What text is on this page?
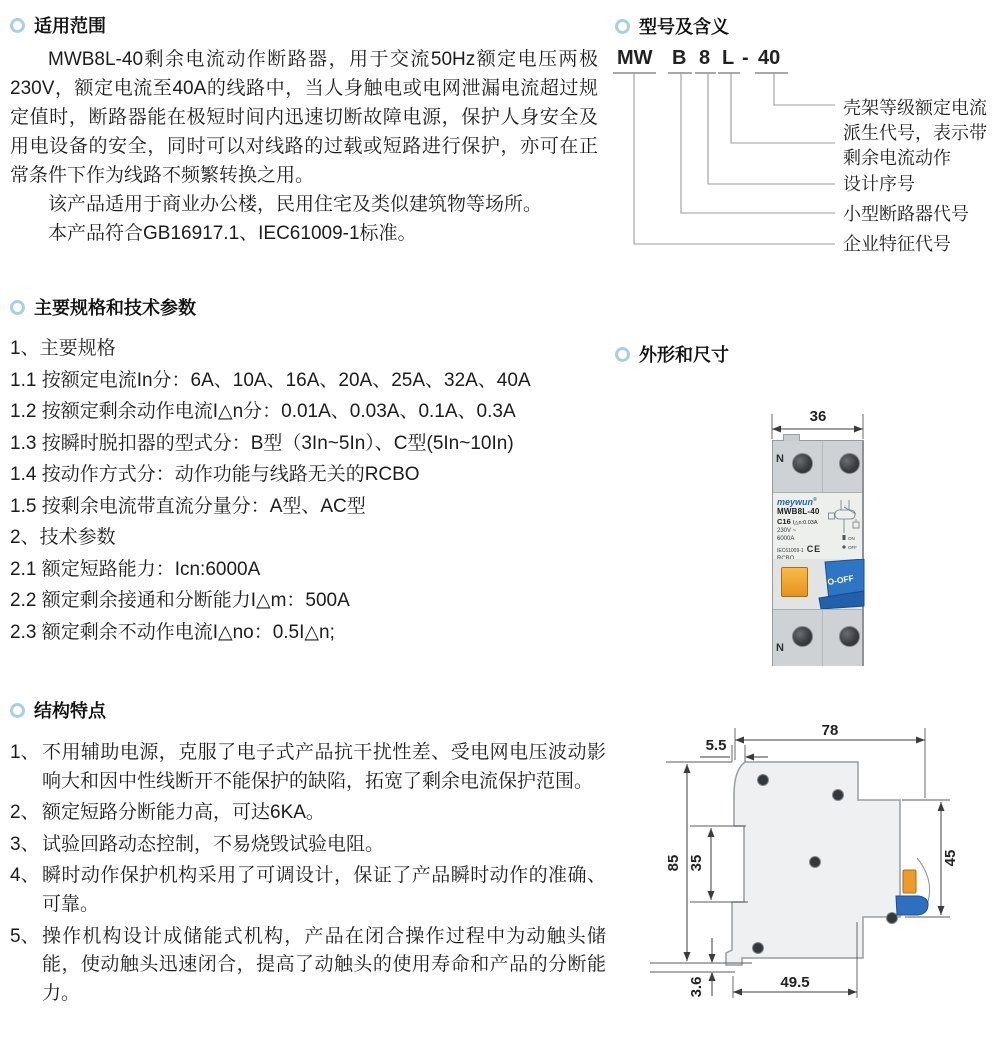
适用范围

MWB8L-40剩余电流动作断路器，用于交流50Hz额定电压两极230V，额定电流至40A的线路中，当人身触电或电网泄漏电流超过规定值时，断路器能在极短时间内迅速切断故障电源，保护人身安全及用电设备的安全，同时可以对线路的过载或短路进行保护，亦可在正常条件下作为线路不频繁转换之用。

该产品适用于商业办公楼，民用住宅及类似建筑物等场所。

本产品符合GB16917.1、IEC61009-1标准。

主要规格和技术参数
1、主要规格
1.1 按额定电流In分：6A、10A、16A、20A、25A、32A、40A
1.2 按额定剩余动作电流I△n分：0.01A、0.03A、0.1A、0.3A
1.3 按瞬时脱扣器的型式分：B型（3In~5In）、C型(5In~10In)
1.4 按动作方式分：动作功能与线路无关的RCBO
1.5 按剩余电流带直流分量分：A型、AC型
2、技术参数
2.1 额定短路能力：Icn:6000A
2.2 额定剩余接通和分断能力I△m：500A
2.3 额定剩余不动作电流I△no：0.5I△n;
结构特点
1、 不用辅助电源，克服了电子式产品抗干扰性差、受电网电压波动影响大和因中性线断开不能保护的缺陷，拓宽了剩余电流保护范围。
2、 额定短路分断能力高，可达6KA。
3、 试验回路动态控制，不易烧毁试验电阻。
4、 瞬时动作保护机构采用了可调设计，保证了产品瞬时动作的准确、可靠。
5、 操作机构设计成储能式机构，产品在闭合操作过程中为动触头储能，使动触头迅速闭合，提高了动触头的使用寿命和产品的分断能力。
型号及含义
MW B 8 L - 40
壳架等级额定电流
派生代号，表示带剩余电流动作
设计序号
小型断路器代号
企业特征代号
外形和尺寸
36
N
meywun®
MWB8L-40
C16 I△n:0.03A
230V ~
6000A
IEC61009-1 CE
RCBO
ON
OFF
O-OFF
N
78
5.5
85 35	45
3.6	49.5
